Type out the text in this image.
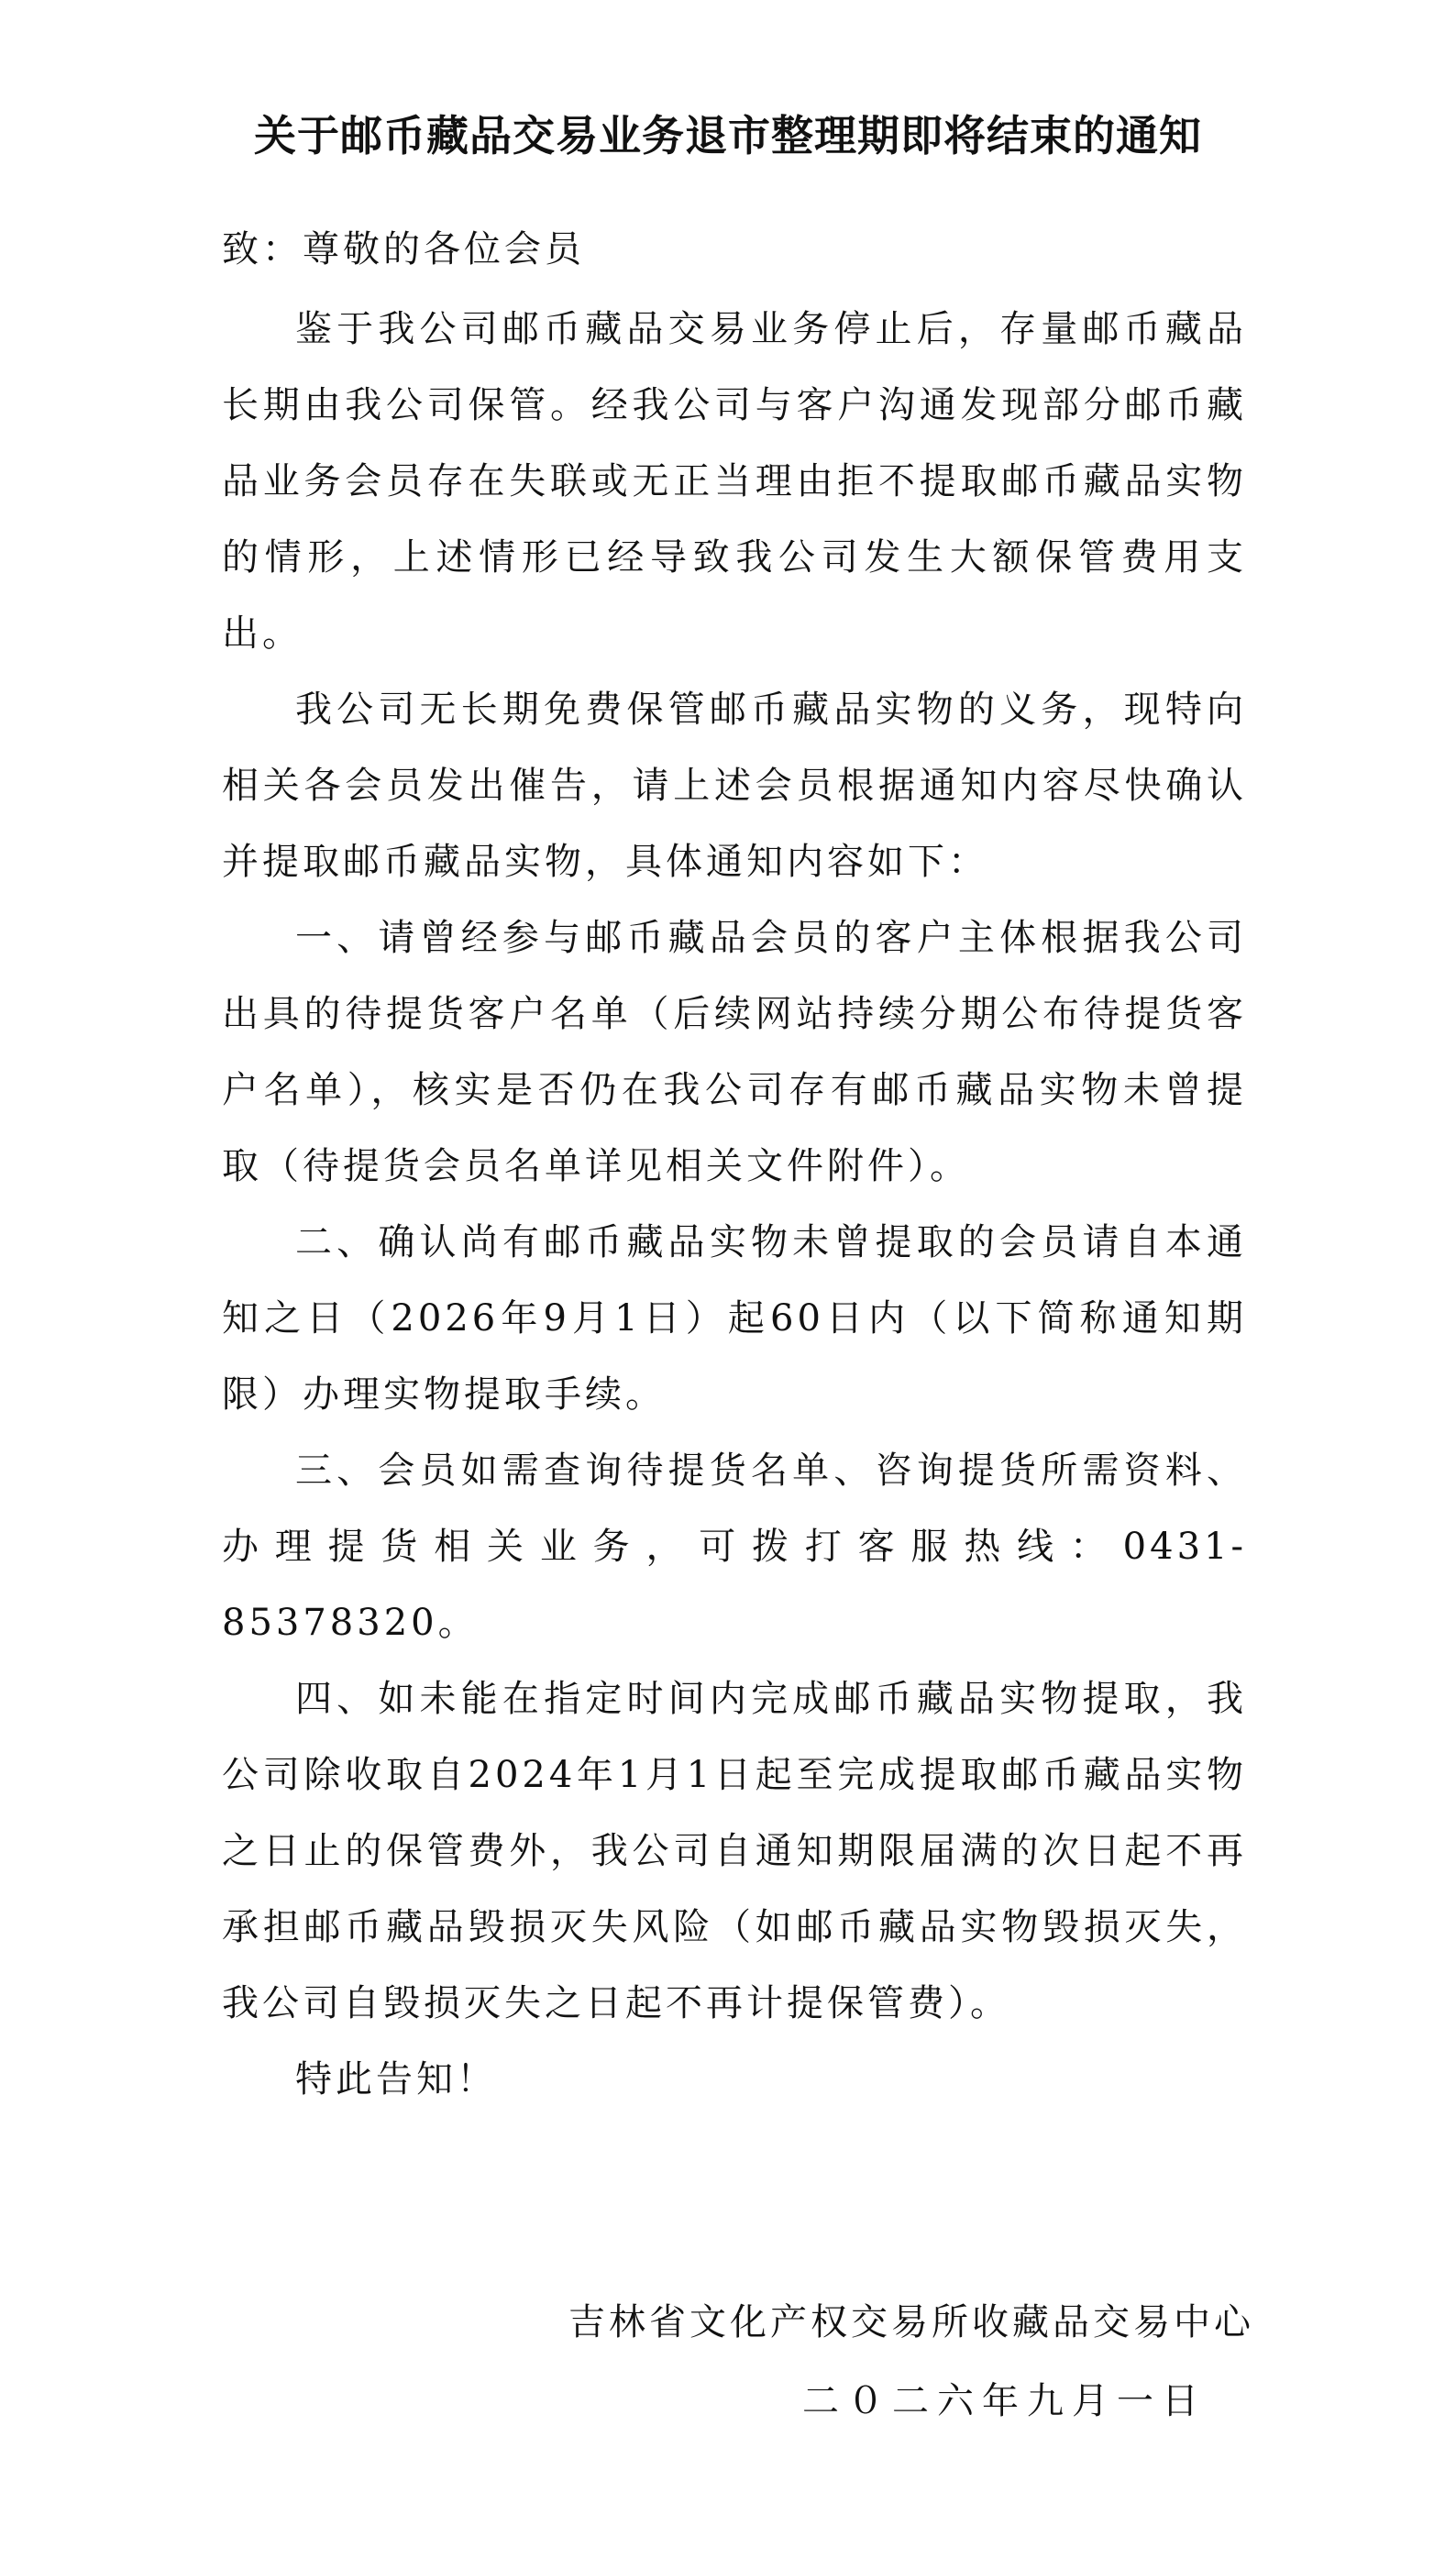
关于邮币藏品交易业务退市整理期即将结束的通知
致：尊敬的各位会员

鉴于我公司邮币藏品交易业务停止后，存量邮币藏品长期由我公司保管。经我公司与客户沟通发现部分邮币藏品业务会员存在失联或无正当理由拒不提取邮币藏品实物的情形，上述情形已经导致我公司发生大额保管费用支出。

我公司无长期免费保管邮币藏品实物的义务，现特向相关各会员发出催告，请上述会员根据通知内容尽快确认并提取邮币藏品实物，具体通知内容如下：

一、请曾经参与邮币藏品会员的客户主体根据我公司出具的待提货客户名单（后续网站持续分期公布待提货客户名单），核实是否仍在我公司存有邮币藏品实物未曾提取（待提货会员名单详见相关文件附件）。

二、确认尚有邮币藏品实物未曾提取的会员请自本通知之日（2026年9月1日）起60日内（以下简称通知期限）办理实物提取手续。

三、会员如需查询待提货名单、咨询提货所需资料、办理提货相关业务，可拨打客服热线：0431-85378320。

四、如未能在指定时间内完成邮币藏品实物提取，我公司除收取自2024年1月1日起至完成提取邮币藏品实物之日止的保管费外，我公司自通知期限届满的次日起不再承担邮币藏品毁损灭失风险（如邮币藏品实物毁损灭失，我公司自毁损灭失之日起不再计提保管费）。

特此告知！

吉林省文化产权交易所收藏品交易中心
二０二六年九月一日
